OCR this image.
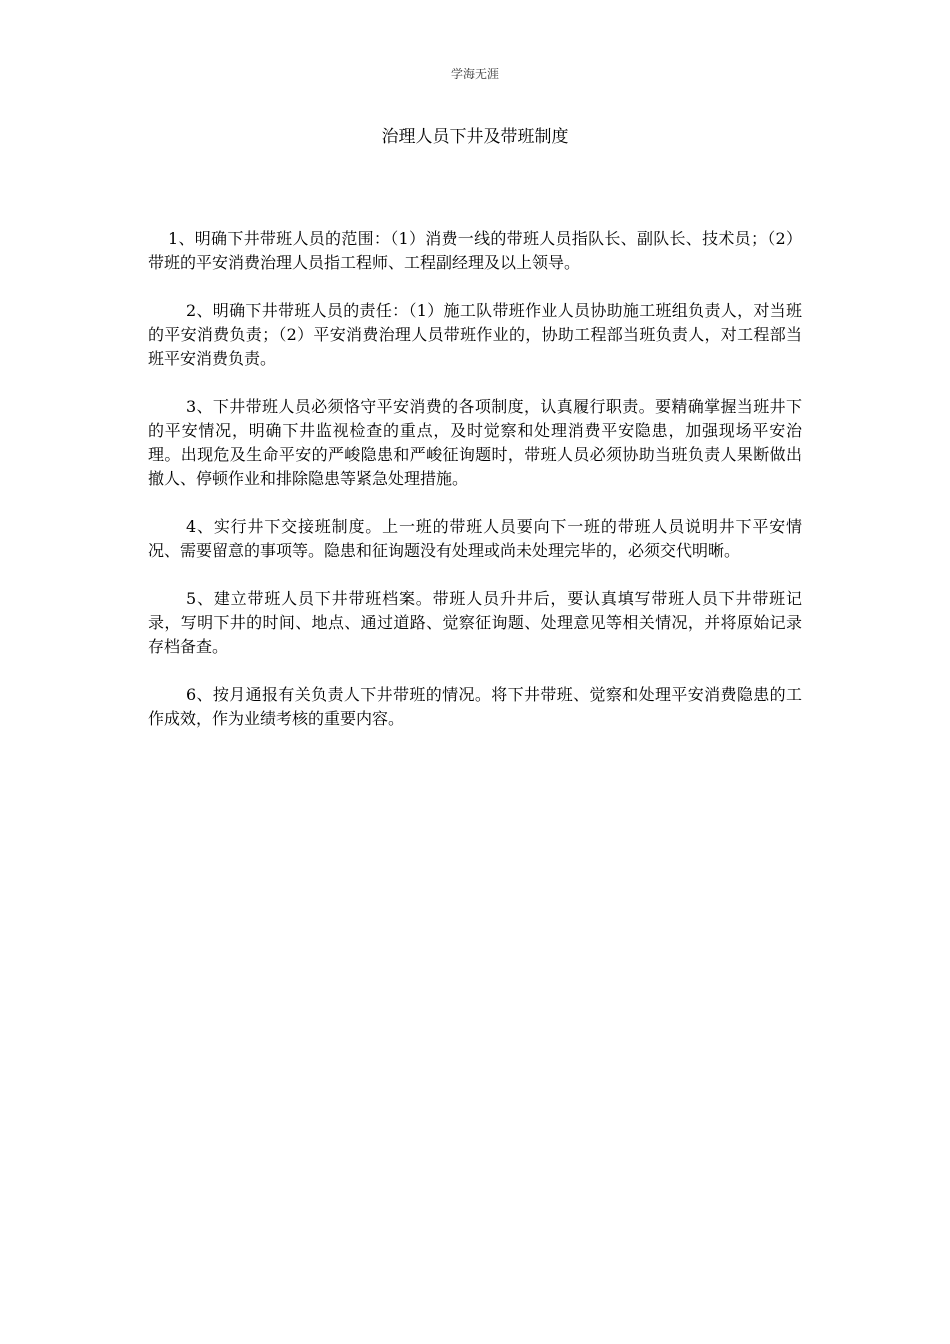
学海无涯
治理人员下井及带班制度

1、明确下井带班人员的范围：（1）消费一线的带班人员指队长、副队长、技术员；（2）带班的平安消费治理人员指工程师、工程副经理及以上领导。

2、明确下井带班人员的责任：（1）施工队带班作业人员协助施工班组负责人，对当班的平安消费负责；（2）平安消费治理人员带班作业的，协助工程部当班负责人，对工程部当班平安消费负责。

3、下井带班人员必须恪守平安消费的各项制度，认真履行职责。要精确掌握当班井下的平安情况，明确下井监视检查的重点，及时觉察和处理消费平安隐患，加强现场平安治理。出现危及生命平安的严峻隐患和严峻征询题时，带班人员必须协助当班负责人果断做出撤人、停顿作业和排除隐患等紧急处理措施。

4、实行井下交接班制度。上一班的带班人员要向下一班的带班人员说明井下平安情况、需要留意的事项等。隐患和征询题没有处理或尚未处理完毕的，必须交代明晰。

5、建立带班人员下井带班档案。带班人员升井后，要认真填写带班人员下井带班记录，写明下井的时间、地点、通过道路、觉察征询题、处理意见等相关情况，并将原始记录存档备查。

6、按月通报有关负责人下井带班的情况。将下井带班、觉察和处理平安消费隐患的工作成效，作为业绩考核的重要内容。
